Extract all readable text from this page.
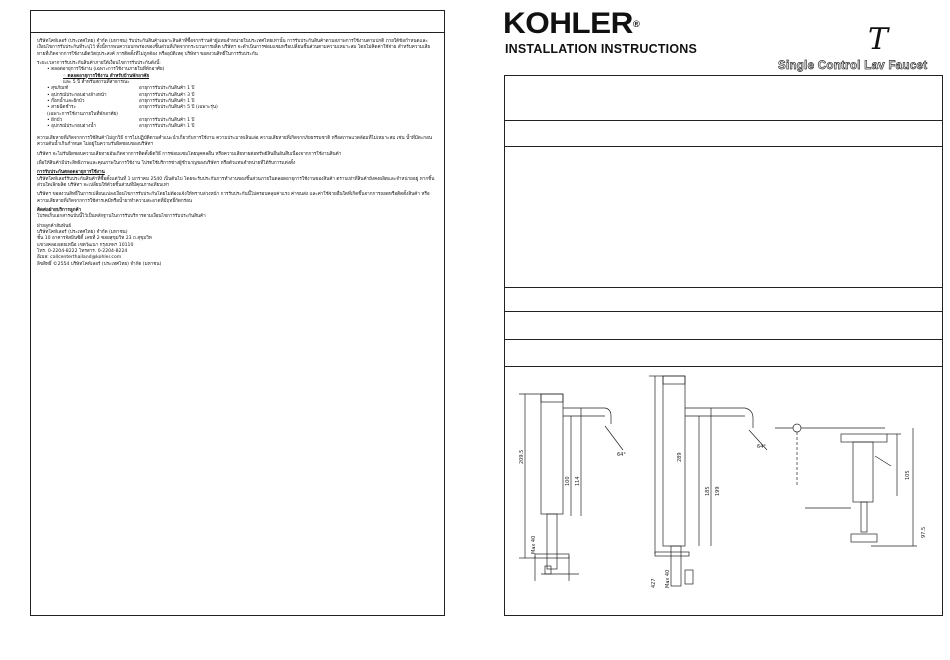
บริษัทโคห์เลอร์ (ประเทศไทย) จำกัด (มหาชน) รับประกันสินค้าเฉพาะสินค้าที่ซื้อจากร้านค้าผู้แทนจำหน่ายในประเทศไทยเท่านั้น การรับประกันสินค้าตามสภาพการใช้งานตามปกติ ภายใต้ข้อกำหนดและเงื่อนไขการรับประกันที่ระบุไว้ ทั้งนี้หากพบความบกพร่องของชิ้นส่วนที่เกิดจากกระบวนการผลิต บริษัทฯ จะดำเนินการซ่อมแซมหรือเปลี่ยนชิ้นส่วนตามความเหมาะสม โดยไม่คิดค่าใช้จ่าย สำหรับความเสียหายที่เกิดจากการใช้งานผิดวัตถุประสงค์ การติดตั้งที่ไม่ถูกต้อง หรืออุบัติเหตุ บริษัทฯ ขอสงวนสิทธิ์ในการรับประกัน

ระยะเวลาการรับประกันสินค้าภายใต้เงื่อนไขการรับประกันดังนี้:

• ตลอดอายุการใช้งาน (เฉพาะการใช้งานภายในที่พักอาศัย)
◦ ตลอดอายุการใช้งาน สำหรับบ้านพักอาศัย
และ 5 ปี สำหรับสถานที่สาธารณะ
• สุขภัณฑ์	อายุการรับประกันสินค้า 1 ปี
• อุปกรณ์ประกอบอ่างล้างหน้า	อายุการรับประกันสินค้า 3 ปี
• ก๊อกน้ำและฝักบัว	อายุการรับประกันสินค้า 1 ปี
• สายฉีดชำระ	อายุการรับประกันสินค้า 5 ปี (เฉพาะรุ่น)
(เฉพาะการใช้งานภายในที่พักอาศัย)
• ฝักบัว	อายุการรับประกันสินค้า 1 ปี
• อุปกรณ์ประกอบอ่างน้ำ	อายุการรับประกันสินค้า 1 ปี

ความเสียหายที่เกิดจากการใช้สินค้าไม่ถูกวิธี การไม่ปฏิบัติตามคำแนะนำเกี่ยวกับการใช้งาน ความประมาทเลินเล่อ ความเสียหายที่เกิดจากภัยธรรมชาติ หรือสภาพแวดล้อมที่ไม่เหมาะสม เช่น น้ำที่มีตะกอน ความดันน้ำเกินกำหนด ไม่อยู่ในความรับผิดชอบของบริษัทฯ

บริษัทฯ จะไม่รับผิดชอบความเสียหายอันเกิดจากการติดตั้งผิดวิธี การซ่อมแซมโดยบุคคลอื่น หรือความเสียหายต่อทรัพย์สินอื่นอันสืบเนื่องจากการใช้งานสินค้า

เพื่อให้สินค้ามีประสิทธิภาพและคุณภาพในการใช้งาน โปรดใช้บริการช่างผู้ชำนาญของบริษัทฯ หรือตัวแทนจำหน่ายที่ได้รับการแต่งตั้ง

การรับประกันตลอดอายุการใช้งาน

บริษัทโคห์เลอร์รับประกันสินค้าที่ซื้อตั้งแต่วันที่ 1 มกราคม 2540 เป็นต้นไป โดยจะรับประกันการทำงานของชิ้นส่วนภายในตลอดอายุการใช้งานของสินค้า ตราบเท่าที่สินค้ายังคงผลิตและจำหน่ายอยู่ หากชิ้นส่วนใดเลิกผลิต บริษัทฯ จะเปลี่ยนให้ด้วยชิ้นส่วนที่มีคุณภาพเทียบเท่า

บริษัทฯ ขอสงวนสิทธิ์ในการเปลี่ยนแปลงเงื่อนไขการรับประกันโดยไม่ต้องแจ้งให้ทราบล่วงหน้า การรับประกันนี้ไม่ครอบคลุมค่าแรง ค่าขนส่ง และค่าใช้จ่ายอื่นใดที่เกิดขึ้นจากการถอดหรือติดตั้งสินค้า หรือความเสียหายที่เกิดจากการใช้สารเคมีหรือน้ำยาทำความสะอาดที่มีฤทธิ์กัดกร่อน

ติดต่อฝ่ายบริการลูกค้า

โปรดเก็บเอกสารฉบับนี้ไว้เป็นหลักฐานในการรับบริการตามเงื่อนไขการรับประกันสินค้า

ฝ่ายลูกค้าสัมพันธ์
บริษัทโคห์เลอร์ (ประเทศไทย) จำกัด (มหาชน)
ชั้น 10 อาคารจัสมินซิตี้ เลขที่ 2 ซอยสุขุมวิท 23 ถ.สุขุมวิท
แขวงคลองเตยเหนือ เขตวัฒนา กรุงเทพฯ 10110
โทร. 0-2204-8222 โทรสาร. 0-2204-8224
อีเมล: callcenterthailand@kohler.com
ลิขสิทธิ์ ©2554 บริษัทโคห์เลอร์ (ประเทศไทย) จำกัด (มหาชน)
KOHLER®
INSTALLATION INSTRUCTIONS	T
Single Control Lav Faucet
209.5
100 114
64°
Max 40
289
185 199
64°
427 Max 40
105
97.5
